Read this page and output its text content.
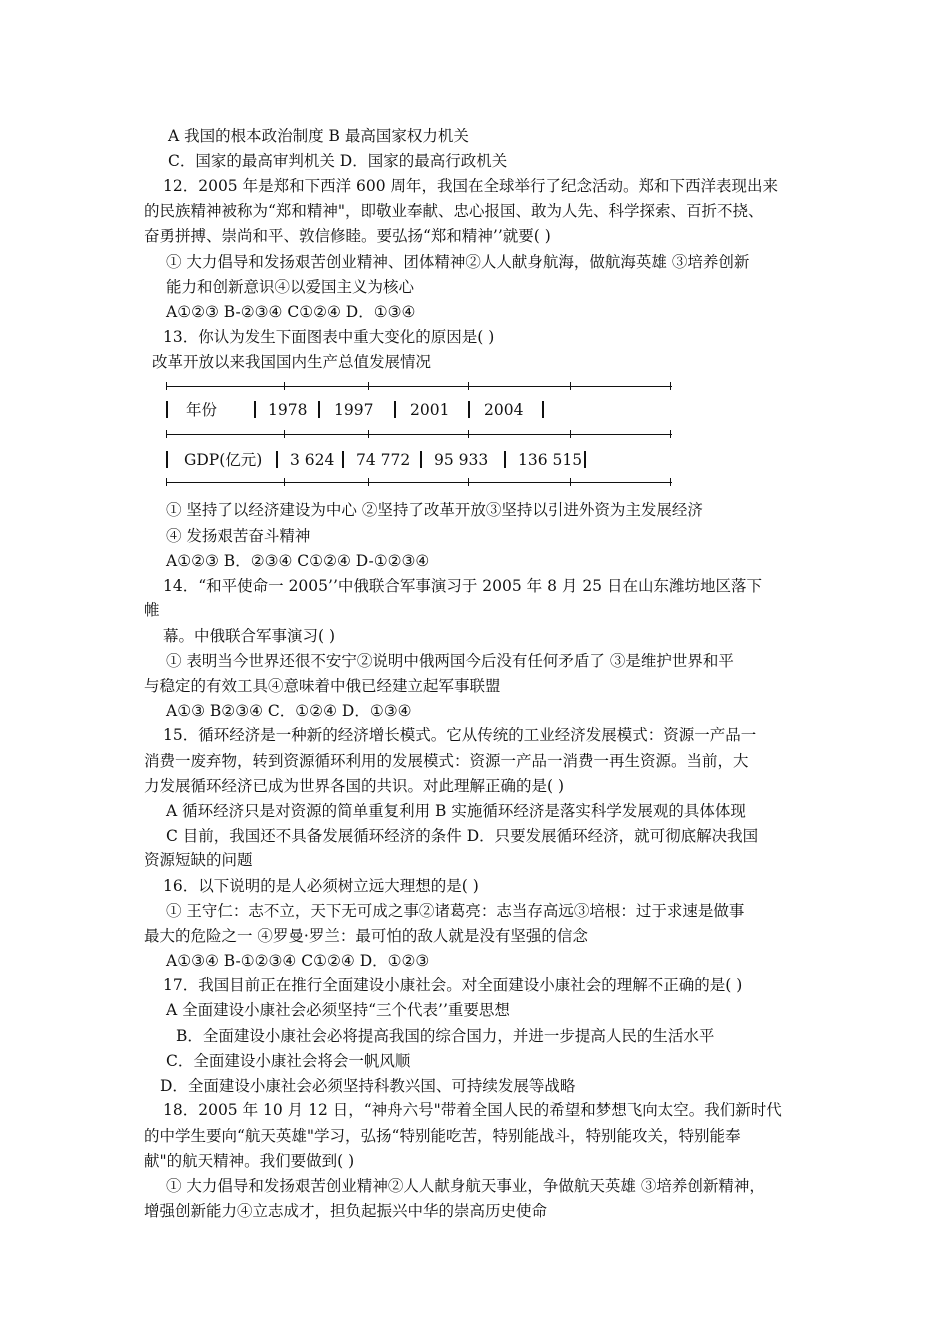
A 我国的根本政治制度 B 最高国家权力机关
C．国家的最高审判机关 D．国家的最高行政机关
12．2005 年是郑和下西洋 600 周年，我国在全球举行了纪念活动。郑和下西洋表现出来
的民族精神被称为“郑和精神"，即敬业奉献、忠心报国、敢为人先、科学探索、百折不挠、
奋勇拼搏、崇尚和平、敦信修睦。要弘扬“郑和精神’’就要( )
① 大力倡导和发扬艰苦创业精神、团体精神②人人献身航海，做航海英雄 ③培养创新
能力和创新意识④以爱国主义为核心
A①②③ B-②③④ C①②④ D．①③④
13．你认为发生下面图表中重大变化的原因是( )
改革开放以来我国国内生产总值发展情况
年份	1978 1997 2001 2004
GDP(亿元) 3 624 74 772 95 933 136 515
① 坚持了以经济建设为中心 ②坚持了改革开放③坚持以引进外资为主发展经济
④ 发扬艰苦奋斗精神
A①②③ B．②③④ C①②④ D-①②③④
14．“和平使命一 2005’’中俄联合军事演习于 2005 年 8 月 25 日在山东潍坊地区落下
帷
幕。中俄联合军事演习( )
① 表明当今世界还很不安宁②说明中俄两国今后没有任何矛盾了 ③是维护世界和平
与稳定的有效工具④意味着中俄已经建立起军事联盟
A①③ B②③④ C．①②④ D．①③④
15．循环经济是一种新的经济增长模式。它从传统的工业经济发展模式：资源一产品一
消费一废弃物，转到资源循环利用的发展模式：资源一产品一消费一再生资源。当前，大
力发展循环经济已成为世界各国的共识。对此理解正确的是( )
A 循环经济只是对资源的简单重复利用 B 实施循环经济是落实科学发展观的具体体现
C 目前，我国还不具备发展循环经济的条件 D．只要发展循环经济，就可彻底解决我国
资源短缺的问题
16．以下说明的是人必须树立远大理想的是( )
① 王守仁：志不立，天下无可成之事②诸葛亮：志当存高远③培根：过于求速是做事
最大的危险之一 ④罗曼·罗兰：最可怕的敌人就是没有坚强的信念
A①③④ B-①②③④ C①②④ D．①②③
17．我国目前正在推行全面建设小康社会。对全面建设小康社会的理解不正确的是( )
A 全面建设小康社会必须坚持“三个代表’’重要思想
B．全面建设小康社会必将提高我国的综合国力，并进一步提高人民的生活水平
C．全面建设小康社会将会一帆风顺
D．全面建设小康社会必须坚持科教兴国、可持续发展等战略
18．2005 年 10 月 12 日，“神舟六号"带着全国人民的希望和梦想飞向太空。我们新时代
的中学生要向“航天英雄"学习，弘扬“特别能吃苦，特别能战斗，特别能攻关，特别能奉
献"的航天精神。我们要做到( )
① 大力倡导和发扬艰苦创业精神②人人献身航天事业，争做航天英雄 ③培养创新精神，
增强创新能力④立志成才，担负起振兴中华的崇高历史使命
